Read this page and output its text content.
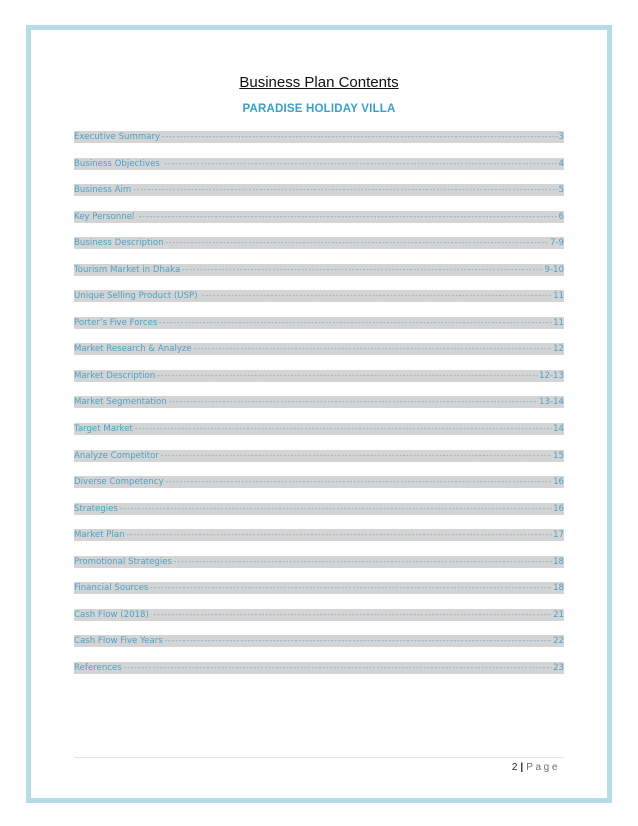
Business Plan Contents
PARADISE HOLIDAY VILLA
Executive Summary -----	3
Business Objectives -----	4
Business Aim -----	5
Key Personnel -----	6
Business Description -----	7-9
Tourism Market in Dhaka -----	9-10
Unique Selling Product (USP) -----	11
Porter’s Five Forces -----	11
Market Research & Analyze -----	12
Market Description -----	12-13
Market Segmentation -----	13-14
Target Market -----	14
Analyze Competitor -----	15
Diverse Competency -----	16
Strategies -----	16
Market Plan -----	17
Promotional Strategies -----	18
Financial Sources -----	18
Cash Flow (2018) -----	21
Cash Flow Five Years -----	22
References -----	23
2 | Page
